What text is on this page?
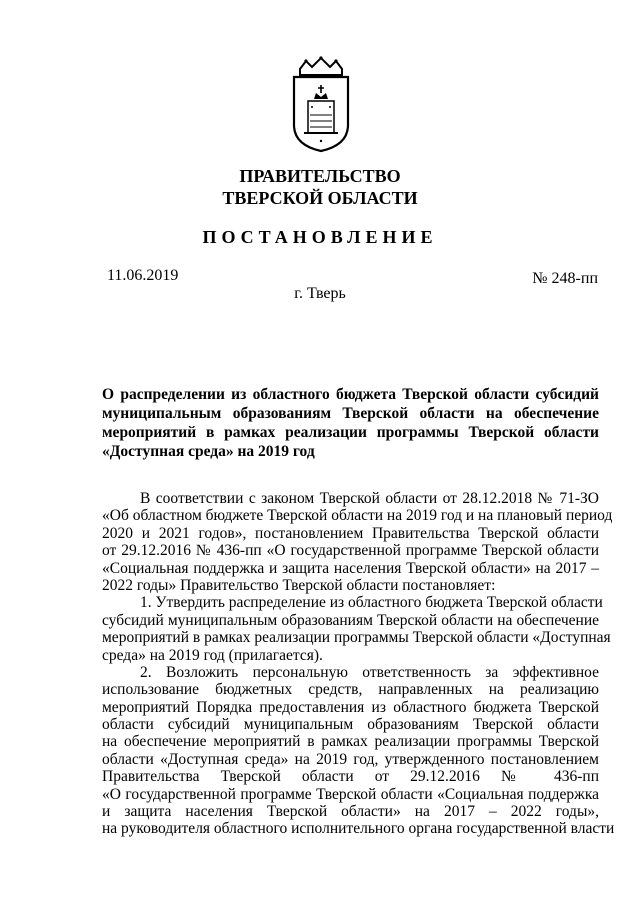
ПРАВИТЕЛЬСТВО
ТВЕРСКОЙ ОБЛАСТИ
ПОСТАНОВЛЕНИЕ
11.06.2019	№ 248-пп
г. Тверь
О распределении из областного бюджета Тверской области субсидий
муниципальным образованиям Тверской области на обеспечение
мероприятий в рамках реализации программы Тверской области
«Доступная среда» на 2019 год
В соответствии с законом Тверской области от 28.12.2018 № 71-ЗО
«Об областном бюджете Тверской области на 2019 год и на плановый период
2020 и 2021 годов», постановлением Правительства Тверской области
от 29.12.2016 № 436-пп «О государственной программе Тверской области
«Социальная поддержка и защита населения Тверской области» на 2017 –
2022 годы» Правительство Тверской области постановляет:
1. Утвердить распределение из областного бюджета Тверской области
субсидий муниципальным образованиям Тверской области на обеспечение
мероприятий в рамках реализации программы Тверской области «Доступная
среда» на 2019 год (прилагается).
2. Возложить персональную ответственность за эффективное
использование бюджетных средств, направленных на реализацию
мероприятий Порядка предоставления из областного бюджета Тверской
области субсидий муниципальным образованиям Тверской области
на обеспечение мероприятий в рамках реализации программы Тверской
области «Доступная среда» на 2019 год, утвержденного постановлением
Правительства Тверской области от 29.12.2016 № 436-пп
«О государственной программе Тверской области «Социальная поддержка
и защита населения Тверской области» на 2017 – 2022 годы»,
на руководителя областного исполнительного органа государственной власти
